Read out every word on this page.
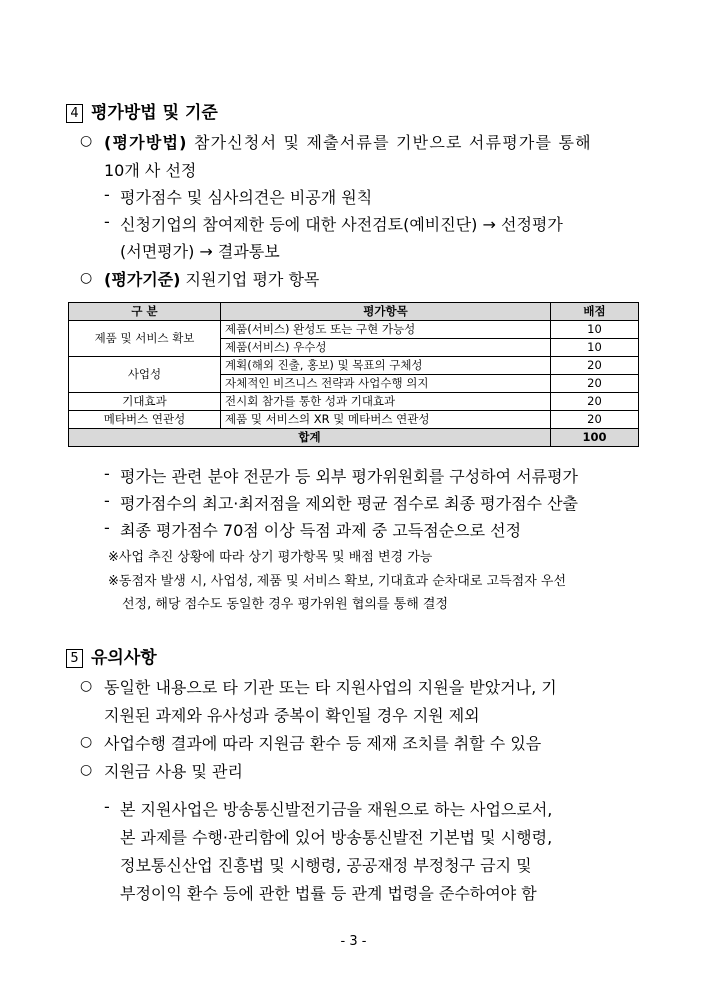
4 평가방법 및 기준
○ (평가방법) 참가신청서 및 제출서류를 기반으로 서류평가를 통해
10개 사 선정
- 평가점수 및 심사의견은 비공개 원칙
- 신청기업의 참여제한 등에 대한 사전검토(예비진단) → 선정평가
(서면평가) → 결과통보
○ (평가기준) 지원기업 평가 항목
구 분	평가항목	배점
제품 및 서비스 확보	제품(서비스) 완성도 또는 구현 가능성	10
	제품(서비스) 우수성	10
사업성	계획(해외 진출, 홍보) 및 목표의 구체성	20
	자체적인 비즈니스 전략과 사업수행 의지	20
기대효과	전시회 참가를 통한 성과 기대효과	20
메타버스 연관성	제품 및 서비스의 XR 및 메타버스 연관성	20
합계		100
- 평가는 관련 분야 전문가 등 외부 평가위원회를 구성하여 서류평가
- 평가점수의 최고·최저점을 제외한 평균 점수로 최종 평가점수 산출
- 최종 평가점수 70점 이상 득점 과제 중 고득점순으로 선정
※사업 추진 상황에 따라 상기 평가항목 및 배점 변경 가능
※동점자 발생 시, 사업성, 제품 및 서비스 확보, 기대효과 순차대로 고득점자 우선
선정, 해당 점수도 동일한 경우 평가위원 협의를 통해 결정
5 유의사항
○ 동일한 내용으로 타 기관 또는 타 지원사업의 지원을 받았거나, 기
지원된 과제와 유사성과 중복이 확인될 경우 지원 제외
○ 사업수행 결과에 따라 지원금 환수 등 제재 조치를 취할 수 있음
○ 지원금 사용 및 관리
- 본 지원사업은 방송통신발전기금을 재원으로 하는 사업으로서,
본 과제를 수행·관리함에 있어 방송통신발전 기본법 및 시행령,
정보통신산업 진흥법 및 시행령, 공공재정 부정청구 금지 및
부정이익 환수 등에 관한 법률 등 관계 법령을 준수하여야 함
- 3 -
